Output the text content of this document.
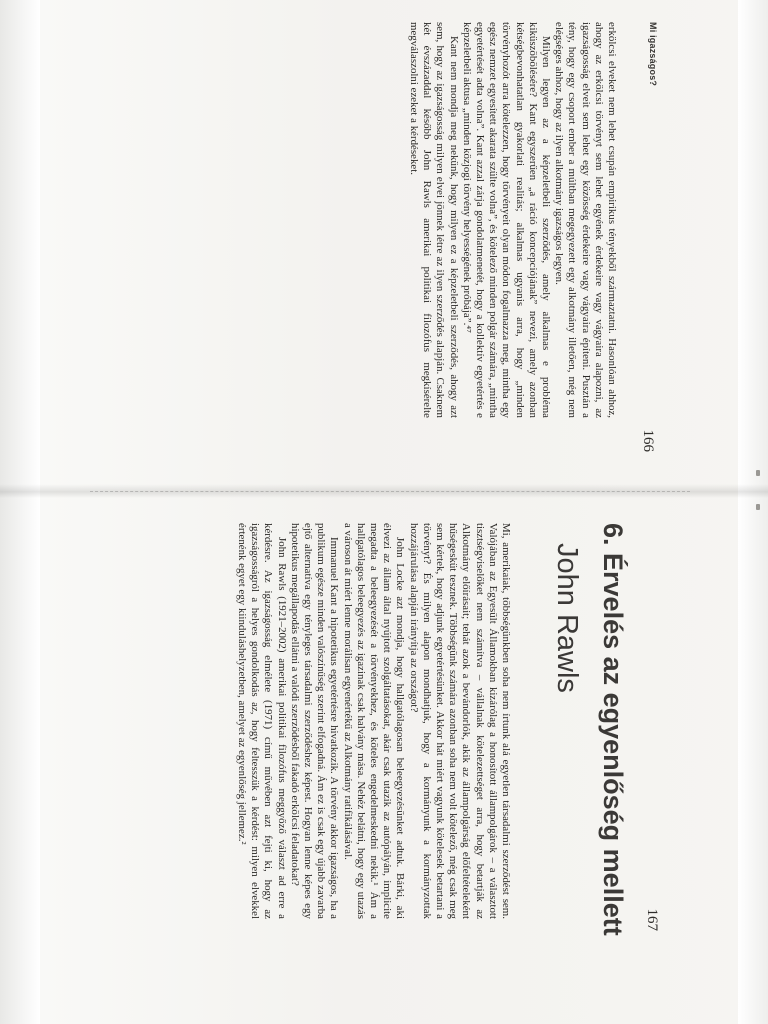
Mi igazságos?
166

erkölcsi elveket nem lehet csupán empirikus tényekből származtatni. Hasonlóan ahhoz, ahogy az erkölcsi törvényt sem lehet egyének érdekeire vagy vágyaira alapozni, az igazságosság elveit sem lehet egy közösség érdekeire vagy vágyaira építeni. Pusztán a tény, hogy egy csoport ember a múltban megegyezett egy alkotmány illetően, még nem elégséges ahhoz, hogy az ilyen alkotmány igazságos legyen.

Milyen legyen az a képzeletbeli szerződés, amely alkalmas e probléma kiküszöbölésére? Kant egyszerűen „a ráció koncepciójának” nevezi, amely azonban kétségbevonhatatlan gyakorlati realitás; alkalmas ugyanis arra, hogy „minden törvényhozót arra kötelezzen, hogy törvényeit olyan módon fogalmazza meg, mintha egy egész nemzet egyesített akarata szülte volna”, és kötelező minden polgár számára, „mintha egyetértését adta volna”. Kant azzal zárja gondolatmenetét, hogy a kollektív egyetértés e képzeletbeli aktusa „minden közjogi törvény helyességének próbája”.⁴⁷

Kant nem mondja meg nekünk, hogy milyen ez a képzeletbeli szerződés, ahogy azt sem, hogy az igazságosság milyen elvei jönnek létre az ilyen szerződés alapján. Csaknem két évszázaddal később John Rawls amerikai politikai filozófus megkísérelte megválaszolni ezeket a kérdéseket.

167
6. Érvelés az egyenlőség mellett
John Rawls

Mi, amerikaiak, többségünkben soha nem írtunk alá egyetlen társadalmi szerződést sem. Valójában az Egyesült Államokban kizárólag a honosított állampolgárok – a választott tisztségviselőket nem számítva – vállalnak kötelezettséget arra, hogy betartják az Alkotmány előírásait; tehát azok a bevándorlók, akik az állampolgárság előfeltételeként hűségesküt tesznek. Többségünk számára azonban soha nem volt kötelező, még csak meg sem kértek, hogy adjunk egyetértésünket. Akkor hát miért vagyunk kötelesek betartani a törvényt? És milyen alapon mondhatjuk, hogy a kormányunk a kormányzottak hozzájárulása alapján irányítja az országot?

John Locke azt mondja, hogy hallgatólagosan beleegyezésünket adtuk. Bárki, aki élvezi az állam által nyújtott szolgáltatásokat, akár csak utazik az autópályán, implicite megadta a beleegyezését a törvényekhez, és köteles engedelmeskedni nekik.¹ Ám a hallgatólagos beleegyezés az igazinak csak halvány mása. Nehéz belátni, hogy egy utazás a városon át miért lenne morálisan egyenértékű az Alkotmány ratifikálásával.

Immanuel Kant a hipotetikus egyetértésre hivatkozik. A törvény akkor igazságos, ha a publikum egésze minden valószínűség szerint elfogadná. Ám ez is csak egy újabb zavarba ejtő alternatíva egy tényleges társadalmi szerződéshez képest. Hogyan lenne képes egy hipotetikus megállapodás ellátni a valódi szerződésből fakadó erkölcsi feladatokat?

John Rawls (1921–2002) amerikai politikai filozófus meggyőző választ ad erre a kérdésre. Az igazságosság elmélete (1971) című művében azt fejti ki, hogy az igazságosságról a helyes gondolkodás az, hogy feltesszük a kérdést: milyen elvekkel értenénk egyet egy kiinduláshelyzetben, amelyet az egyenlőség jellemez.²
